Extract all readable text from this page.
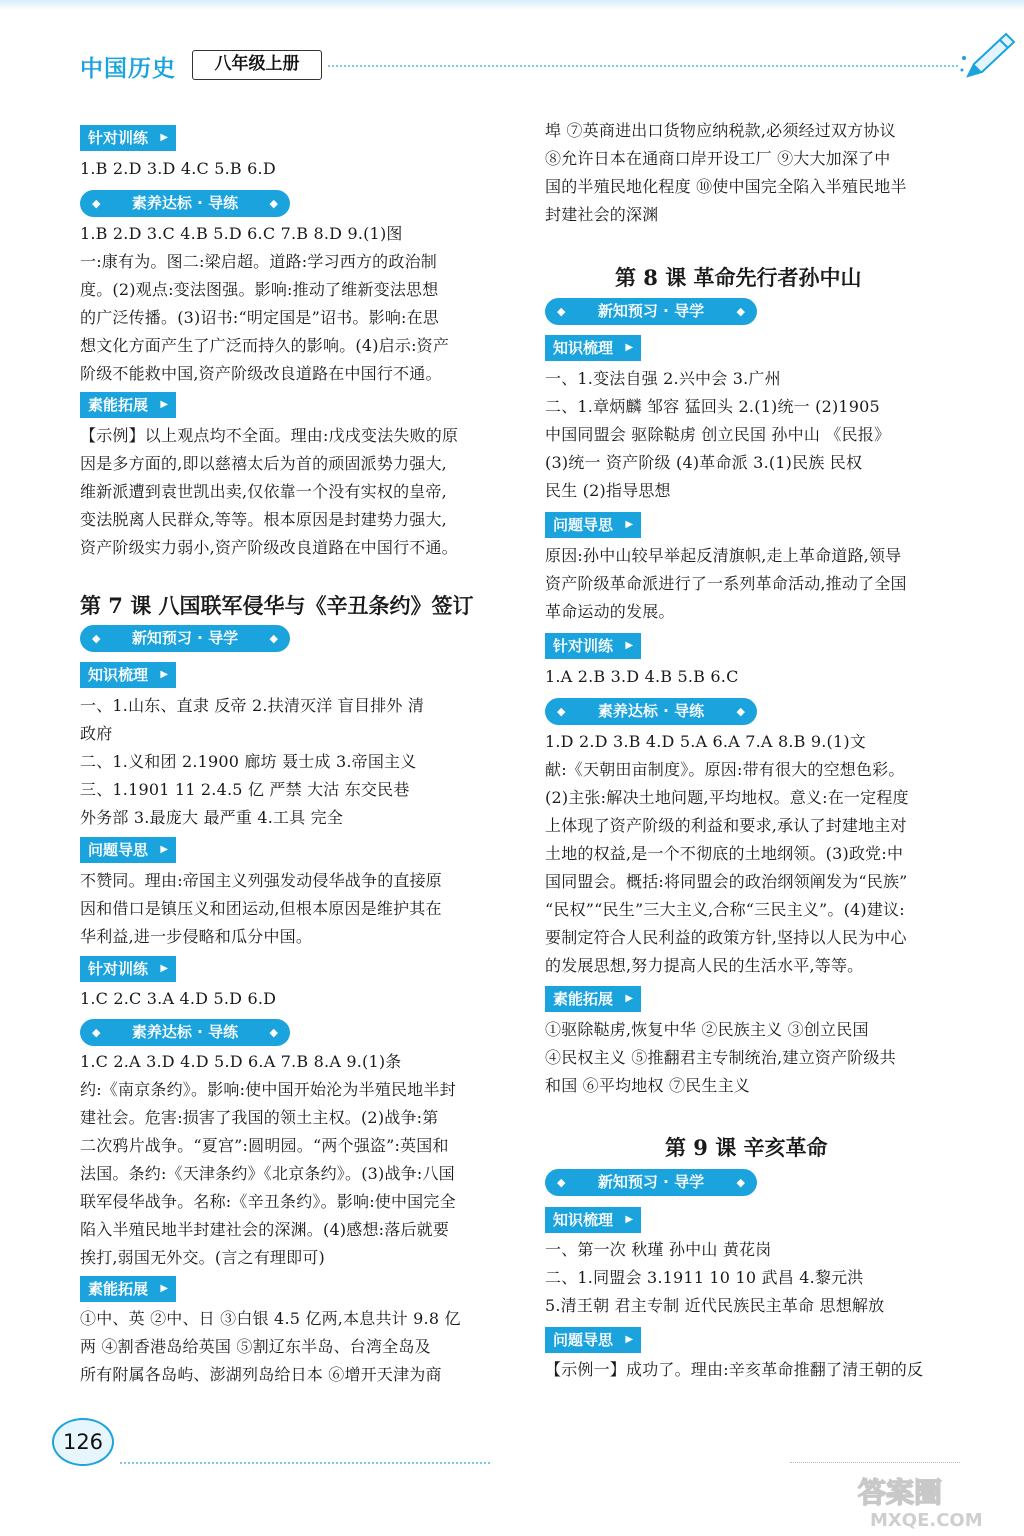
中国历史	八年级上册
针对训练 ▶
1.B 2.D 3.D 4.C 5.B 6.D
◆ 素养达标 · 导练 ◆
1.B 2.D 3.C 4.B 5.D 6.C 7.B 8.D 9.(1)图
一:康有为。图二:梁启超。道路:学习西方的政治制
度。(2)观点:变法图强。影响:推动了维新变法思想
的广泛传播。(3)诏书:“明定国是”诏书。影响:在思
想文化方面产生了广泛而持久的影响。(4)启示:资产
阶级不能救中国,资产阶级改良道路在中国行不通。
素能拓展 ▶
【示例】以上观点均不全面。理由:戊戌变法失败的原
因是多方面的,即以慈禧太后为首的顽固派势力强大,
维新派遭到袁世凯出卖,仅依靠一个没有实权的皇帝,
变法脱离人民群众,等等。根本原因是封建势力强大,
资产阶级实力弱小,资产阶级改良道路在中国行不通。
第 7 课 八国联军侵华与《辛丑条约》签订
◆ 新知预习 · 导学 ◆
知识梳理 ▶
一、1.山东、直隶 反帝 2.扶清灭洋 盲目排外 清
政府
二、1.义和团 2.1900 廊坊 聂士成 3.帝国主义
三、1.1901 11 2.4.5 亿 严禁 大沽 东交民巷
外务部 3.最庞大 最严重 4.工具 完全
问题导思 ▶
不赞同。理由:帝国主义列强发动侵华战争的直接原
因和借口是镇压义和团运动,但根本原因是维护其在
华利益,进一步侵略和瓜分中国。
针对训练 ▶
1.C 2.C 3.A 4.D 5.D 6.D
◆ 素养达标 · 导练 ◆
1.C 2.A 3.D 4.D 5.D 6.A 7.B 8.A 9.(1)条
约:《南京条约》。影响:使中国开始沦为半殖民地半封
建社会。危害:损害了我国的领土主权。(2)战争:第
二次鸦片战争。“夏宫”:圆明园。“两个强盗”:英国和
法国。条约:《天津条约》《北京条约》。(3)战争:八国
联军侵华战争。名称:《辛丑条约》。影响:使中国完全
陷入半殖民地半封建社会的深渊。(4)感想:落后就要
挨打,弱国无外交。(言之有理即可)
素能拓展 ▶
①中、英 ②中、日 ③白银 4.5 亿两,本息共计 9.8 亿
两 ④割香港岛给英国 ⑤割辽东半岛、台湾全岛及
所有附属各岛屿、澎湖列岛给日本 ⑥增开天津为商
埠 ⑦英商进出口货物应纳税款,必须经过双方协议
⑧允许日本在通商口岸开设工厂 ⑨大大加深了中
国的半殖民地化程度 ⑩使中国完全陷入半殖民地半
封建社会的深渊
第 8 课 革命先行者孙中山
◆ 新知预习 · 导学 ◆
知识梳理 ▶
一、1.变法自强 2.兴中会 3.广州
二、1.章炳麟 邹容 猛回头 2.(1)统一 (2)1905
中国同盟会 驱除鞑虏 创立民国 孙中山 《民报》
(3)统一 资产阶级 (4)革命派 3.(1)民族 民权
民生 (2)指导思想
问题导思 ▶
原因:孙中山较早举起反清旗帜,走上革命道路,领导
资产阶级革命派进行了一系列革命活动,推动了全国
革命运动的发展。
针对训练 ▶
1.A 2.B 3.D 4.B 5.B 6.C
◆ 素养达标 · 导练 ◆
1.D 2.D 3.B 4.D 5.A 6.A 7.A 8.B 9.(1)文
献:《天朝田亩制度》。原因:带有很大的空想色彩。
(2)主张:解决土地问题,平均地权。意义:在一定程度
上体现了资产阶级的利益和要求,承认了封建地主对
土地的权益,是一个不彻底的土地纲领。(3)政党:中
国同盟会。概括:将同盟会的政治纲领阐发为“民族”
“民权”“民生”三大主义,合称“三民主义”。(4)建议:
要制定符合人民利益的政策方针,坚持以人民为中心
的发展思想,努力提高人民的生活水平,等等。
素能拓展 ▶
①驱除鞑虏,恢复中华 ②民族主义 ③创立民国
④民权主义 ⑤推翻君主专制统治,建立资产阶级共
和国 ⑥平均地权 ⑦民生主义
第 9 课 辛亥革命
◆ 新知预习 · 导学 ◆
知识梳理 ▶
一、第一次 秋瑾 孙中山 黄花岗
二、1.同盟会 3.1911 10 10 武昌 4.黎元洪
5.清王朝 君主专制 近代民族民主革命 思想解放
问题导思 ▶
【示例一】成功了。理由:辛亥革命推翻了清王朝的反
126
答案圈
MXQE.COM
